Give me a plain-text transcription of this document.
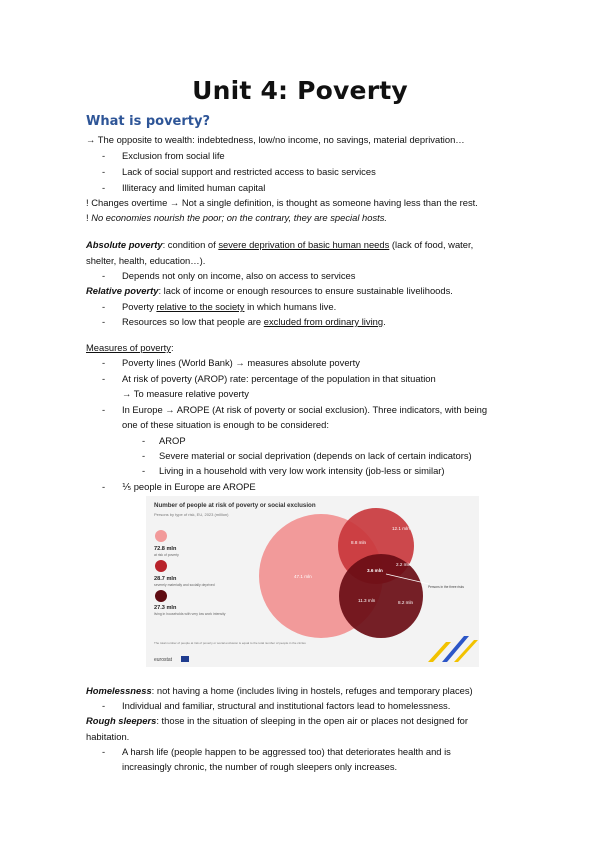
Unit 4: Poverty
What is poverty?
→ The opposite to wealth: indebtedness, low/no income, no savings, material deprivation…
- Exclusion from social life
- Lack of social support and restricted access to basic services
- Illiteracy and limited human capital
! Changes overtime → Not a single definition, is thought as someone having less than the rest.
! No economies nourish the poor; on the contrary, they are special hosts.
Absolute poverty: condition of severe deprivation of basic human needs (lack of food, water,
shelter, health, education…).
- Depends not only on income, also on access to services
Relative poverty: lack of income or enough resources to ensure sustainable livelihoods.
- Poverty relative to the society in which humans live.
- Resources so low that people are excluded from ordinary living.
Measures of poverty:
- Poverty lines (World Bank) → measures absolute poverty
- At risk of poverty (AROP) rate: percentage of the population in that situation
→ To measure relative poverty
- In Europe → AROPE (At risk of poverty or social exclusion). Three indicators, with being
one of these situation is enough to be considered:
- AROP
- Severe material or social deprivation (depends on lack of certain indicators)
- Living in a household with very low work intensity (job-less or similar)
- ⅕ people in Europe are AROPE
Number of people at risk of poverty or social exclusion
Persons by type of risk, EU, 2023 (million)
72.8 mln
at risk of poverty
28.7 mln
severely materially and socially deprived
27.3 mln
living in households with very low work intensity
47.1 mln
12.1 mln
8.8 mln
3.6 mln
2.2 mln
11.3 mln	8.2 mln
Persons in the three risks
The total number of people at risk of poverty or social exclusion is equal to the total number of people in the circles
eurostat
Homelessness: not having a home (includes living in hostels, refuges and temporary places)
- Individual and familiar, structural and institutional factors lead to homelessness.
Rough sleepers: those in the situation of sleeping in the open air or places not designed for
habitation.
- A harsh life (people happen to be aggressed too) that deteriorates health and is
increasingly chronic, the number of rough sleepers only increases.
